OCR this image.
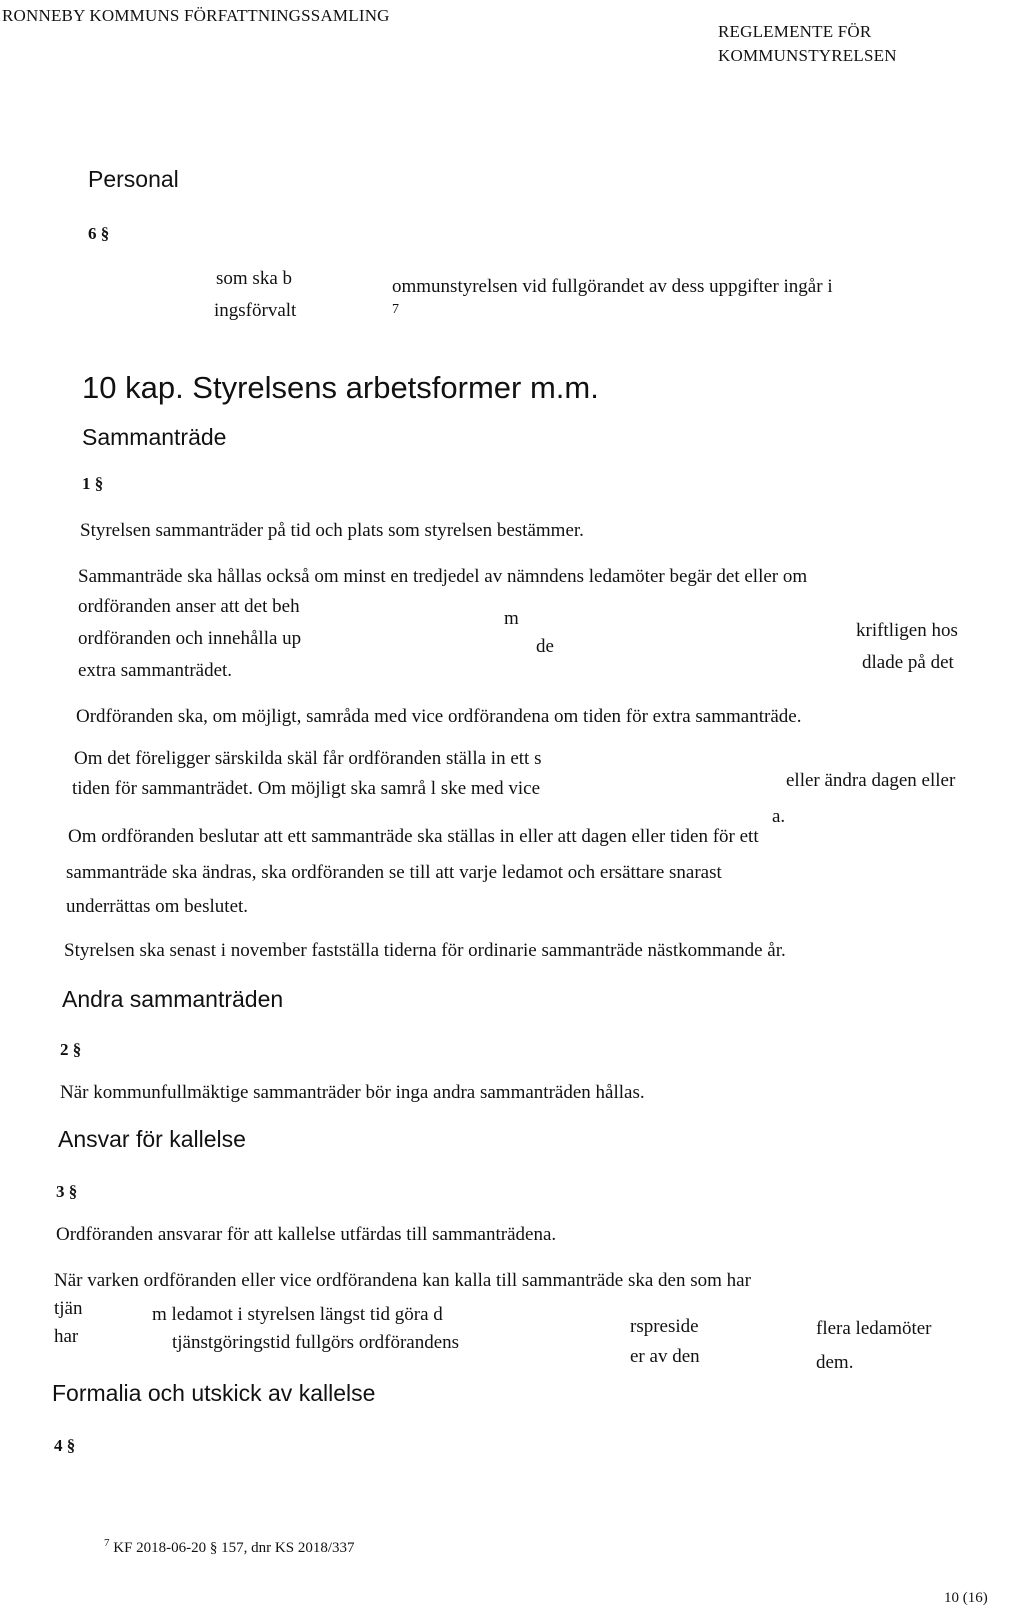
RONNEBY KOMMUNS FÖRFATTNINGSSAMLING
REGLEMENTE FÖR
KOMMUNSTYRELSEN
Personal
6 §
som ska b	ommunstyrelsen vid fullgörandet av dess uppgifter ingår i
ingsförvalt	7
10 kap. Styrelsens arbetsformer m.m.
Sammanträde
1 §
Styrelsen sammanträder på tid och plats som styrelsen bestämmer.
Sammanträde ska hållas också om minst en tredjedel av nämndens ledamöter begär det eller om
ordföranden anser att det beh
m
ordföranden och innehålla up	de
kriftligen hos
extra sammanträdet.	dlade på det
Ordföranden ska, om möjligt, samråda med vice ordförandena om tiden för extra sammanträde.
Om det föreligger särskilda skäl får ordföranden ställa in ett s
eller ändra dagen eller
tiden för sammanträdet. Om möjligt ska samrå l ske med vice
a.
Om ordföranden beslutar att ett sammanträde ska ställas in eller att dagen eller tiden för ett
sammanträde ska ändras, ska ordföranden se till att varje ledamot och ersättare snarast
underrättas om beslutet.
Styrelsen ska senast i november fastställa tiderna för ordinarie sammanträde nästkommande år.
Andra sammanträden
2 §
När kommunfullmäktige sammanträder bör inga andra sammanträden hållas.
Ansvar för kallelse
3 §
Ordföranden ansvarar för att kallelse utfärdas till sammanträdena.
När varken ordföranden eller vice ordförandena kan kalla till sammanträde ska den som har
tjän	m ledamot i styrelsen längst tid göra d
rspreside	flera ledamöter
har	tjänstgöringstid fullgörs ordförandens
er av den	dem.
Formalia och utskick av kallelse
4 §
$^7$ KF 2018-06-20 § 157, dnr KS 2018/337
10 (16)
